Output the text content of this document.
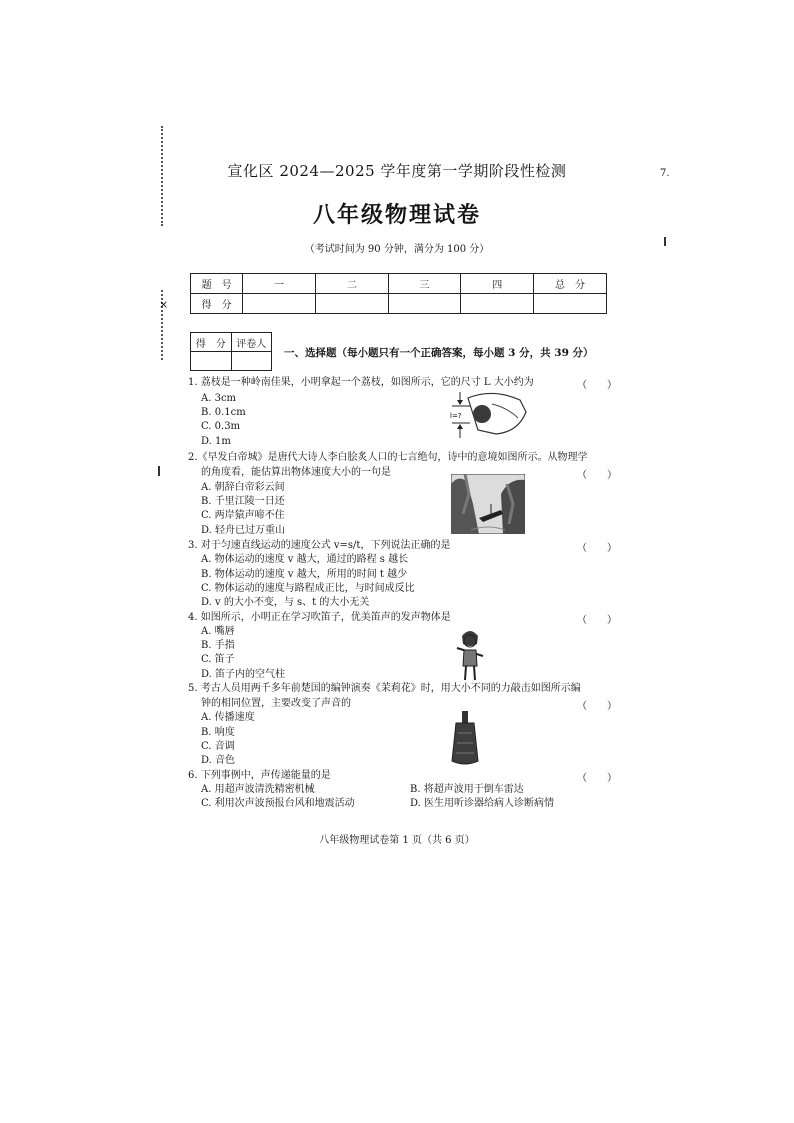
×
7.
宣化区 2024—2025 学年度第一学期阶段性检测
八年级物理试卷
（考试时间为 90 分钟，满分为 100 分）
题　号	一	二	三	四	总　分
得　分					
得　分	评卷人

一、选择题（每小题只有一个正确答案，每小题 3 分，共 39 分）
1. 荔枝是一种岭南佳果，小明拿起一个荔枝，如图所示，它的尺寸 L 大小约为	（　　）
A. 3cm
B. 0.1cm
C. 0.3m
D. 1m
l=?
2.《早发白帝城》是唐代大诗人李白脍炙人口的七言绝句，诗中的意境如图所示。从物理学
的角度看，能估算出物体速度大小的一句是	（　　）
A. 朝辞白帝彩云间
B. 千里江陵一日还
C. 两岸猿声啼不住
D. 轻舟已过万重山
3. 对于匀速直线运动的速度公式 v=s/t，下列说法正确的是	（　　）
A. 物体运动的速度 v 越大，通过的路程 s 越长
B. 物体运动的速度 v 越大，所用的时间 t 越少
C. 物体运动的速度与路程成正比，与时间成反比
D. v 的大小不变，与 s、t 的大小无关
4. 如图所示，小明正在学习吹笛子，优美笛声的发声物体是	（　　）
A. 嘴唇
B. 手指
C. 笛子
D. 笛子内的空气柱
5. 考古人员用两千多年前楚国的编钟演奏《茉莉花》时，用大小不同的力敲击如图所示编
钟的相同位置，主要改变了声音的	（　　）
A. 传播速度
B. 响度
C. 音调
D. 音色
6. 下列事例中，声传递能量的是	（　　）
A. 用超声波清洗精密机械	B. 将超声波用于倒车雷达
C. 利用次声波预报台风和地震活动	D. 医生用听诊器给病人诊断病情
八年级物理试卷第 1 页（共 6 页）
